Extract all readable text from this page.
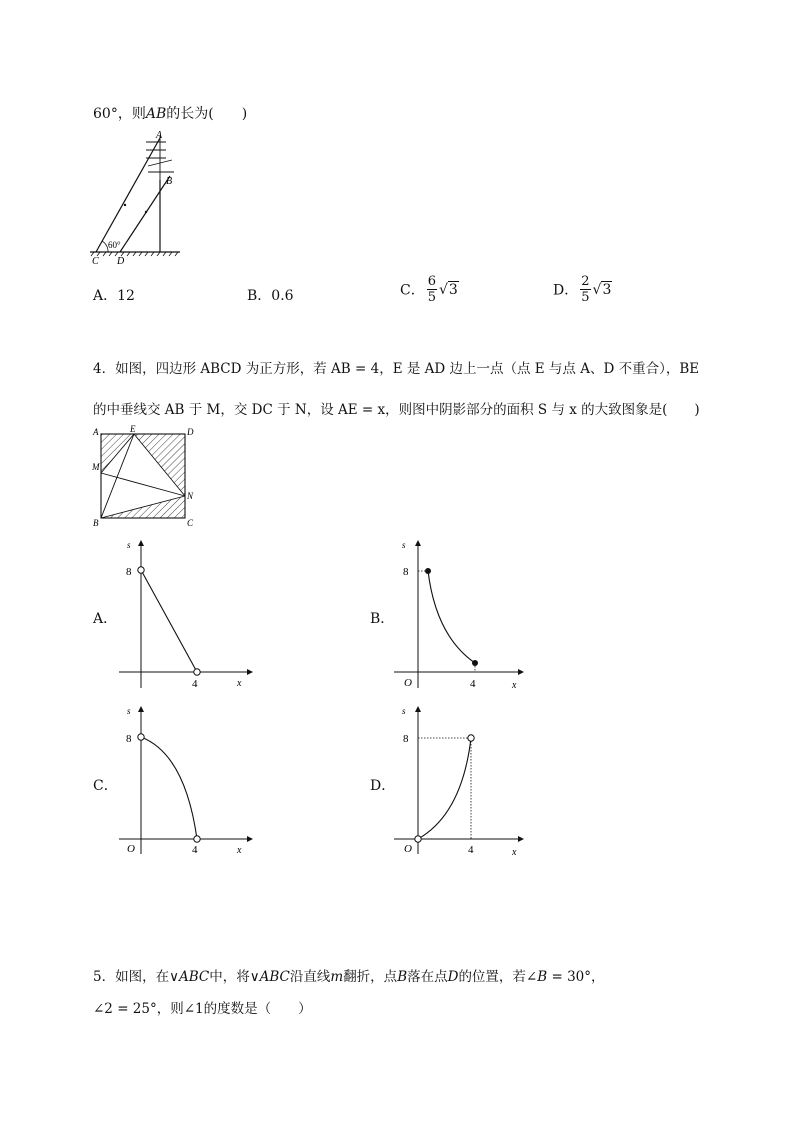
60°，则AB的长为(　　)
A
B
C D
60°
A．12	B．0.6	C． $\frac{6}{5} √3$	D． $\frac{2}{5} √3$
4．如图，四边形 ABCD 为正方形，若 AB = 4，E 是 AD 边上一点（点 E 与点 A、D 不重合），BE
的中垂线交 AB 于 M，交 DC 于 N，设 AE = x，则图中阴影部分的面积 S 与 x 的大致图象是(　　)
A	E	D
M
N
B	C
A．
s
x
8
4
B．
s
x
O
8
4
C．
s
x
O
8
4
D．
s
x
O
8
4
5．如图，在∨ABC中，将∨ABC沿直线m翻折，点B落在点D的位置，若∠B = 30°，
∠2 = 25°，则∠1的度数是（　　）
